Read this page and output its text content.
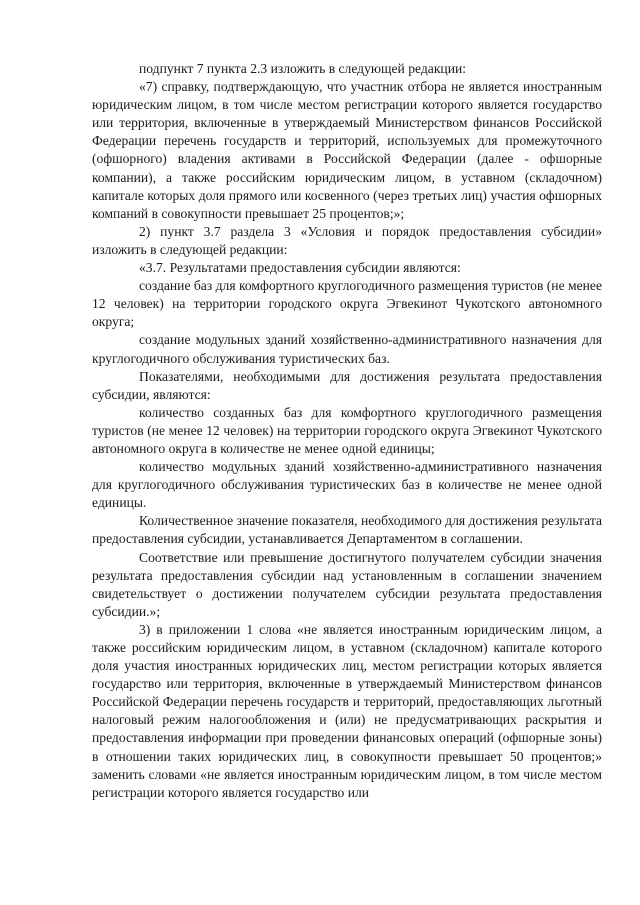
подпункт 7 пункта 2.3 изложить в следующей редакции:

«7) справку, подтверждающую, что участник отбора не является иностранным юридическим лицом, в том числе местом регистрации которого является государство или территория, включенные в утверждаемый Министерством финансов Российской Федерации перечень государств и территорий, используемых для промежуточного (офшорного) владения активами в Российской Федерации (далее - офшорные компании), а также российским юридическим лицом, в уставном (складочном) капитале которых доля прямого или косвенного (через третьих лиц) участия офшорных компаний в совокупности превышает 25 процентов;»;

2) пункт 3.7 раздела 3 «Условия и порядок предоставления субсидии» изложить в следующей редакции:

«3.7. Результатами предоставления субсидии являются:

создание баз для комфортного круглогодичного размещения туристов (не менее 12 человек) на территории городского округа Эгвекинот Чукотского автономного округа;

создание модульных зданий хозяйственно-административного назначения для круглогодичного обслуживания туристических баз.

Показателями, необходимыми для достижения результата предоставления субсидии, являются:

количество созданных баз для комфортного круглогодичного размещения туристов (не менее 12 человек) на территории городского округа Эгвекинот Чукотского автономного округа в количестве не менее одной единицы;

количество модульных зданий хозяйственно-административного назначения для круглогодичного обслуживания туристических баз в количестве не менее одной единицы.

Количественное значение показателя, необходимого для достижения результата предоставления субсидии, устанавливается Департаментом в соглашении.

Соответствие или превышение достигнутого получателем субсидии значения результата предоставления субсидии над установленным в соглашении значением свидетельствует о достижении получателем субсидии результата предоставления субсидии.»;

3) в приложении 1 слова «не является иностранным юридическим лицом, а также российским юридическим лицом, в уставном (складочном) капитале которого доля участия иностранных юридических лиц, местом регистрации которых является государство или территория, включенные в утверждаемый Министерством финансов Российской Федерации перечень государств и территорий, предоставляющих льготный налоговый режим налогообложения и (или) не предусматривающих раскрытия и предоставления информации при проведении финансовых операций (офшорные зоны) в отношении таких юридических лиц, в совокупности превышает 50 процентов;» заменить словами «не является иностранным юридическим лицом, в том числе местом регистрации которого является государство или
